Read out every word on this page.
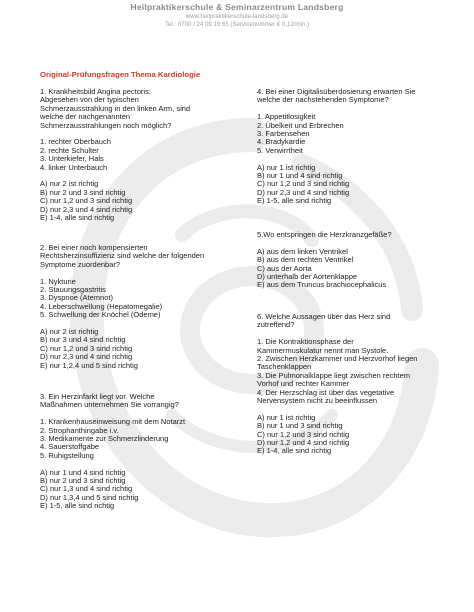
Heilpraktikerschule & Seminarzentrum Landsberg
www.heilpraktikerschule-landsberg.de
Tel.: 0700 / 24 09 19 65 (Servicenummer € 0,12/min.)
Original-Prüfungsfragen Thema Kardiologie

1. Krankheitsbild Angina pectoris:

Abgesehen von der typischen

Schmerzausstrahlung in den linken Arm, sind

welche der nachgenannten

Schmerzausstrahlungen noch möglich?

1. rechter Oberbauch

2. rechte Schulter

3. Unterkiefer, Hals

4. linker Unterbauch

A) nur 2 ist richtig

B) nur 2 und 3 sind richtig

C) nur 1,2 und 3 sind richtig

D) nur 2,3 und 4 sind richtig

E) 1-4, alle sind richtig

2. Bei einer noch kompensierten

Rechtsherzinsuffizienz sind welche der folgenden

Symptome zuordenbar?

1. Nykturie

2. Stauungsgastritis

3. Dyspnoe (Atemnot)

4. Leberschwellung (Hepatomegalie)

5. Schwellung der Knöchel (Ödeme)

A) nur 2 ist richtig

B) nur 3 und 4 sind richtig

C) nur 1,2 und 3 sind richtig

D) nur 2,3 und 4 sind richtig

E) nur 1,2,4 und 5 sind richtig

3. Ein Herzinfarkt liegt vor. Welche

Maßnahmen unternehmen Sie vorrangig?

1. Krankenhauseinweisung mit dem Notarzt

2. Strophanthingabe i.v.

3. Medikamente zur Schmerzlinderung

4. Sauerstoffgabe

5. Ruhigstellung

A) nur 1 und 4 sind richtig

B) nur 2 und 3 sind richtig

C) nur 1,3 und 4 sind richtig

D) nur 1,3,4 und 5 sind richtig

E) 1-5, alle sind richtig

4. Bei einer Digitalisüberdosierung erwarten Sie

welche der nachstehenden Symptome?

1. Appetitlosigkeit

2. Übelkeit und Erbrechen

3. Farbensehen

4. Bradykardie

5. Verwirrtheit

A) nur 1 ist richtig

B) nur 1 und 4 sind richtig

C) nur 1,2 und 3 sind richtig

D) nur 2,3 und 4 sind richtig

E) 1-5, alle sind richtig

5.Wo entspringen die Herzkranzgefäße?

A) aus dem linken Ventrikel

B) aus dem rechten Ventrikel

C) aus der Aorta

D) unterhalb der Aortenklappe

E) aus dem Truncus brachiocephalicus

6. Welche Aussagen über das Herz sind

zutreffend?

1. Die Kontraktionsphase der

Kammermuskulatur nennt man Systole.

2. Zwischen Herzkammer und Herzvorhof liegen

Taschenklappen

3. Die Pulmonalklappe liegt zwischen rechtem

Vorhof und rechter Kammer

4. Der Herzschlag ist über das vegetative

Nervensystem nicht zu beeinflussen

A) nur 1 ist richtig

B) nur 1 und 3 sind richtig

C) nur 1,2 und 3 sind richtig

D) nur 1,2 und 4 sind richtig

E) 1-4, alle sind richtig
